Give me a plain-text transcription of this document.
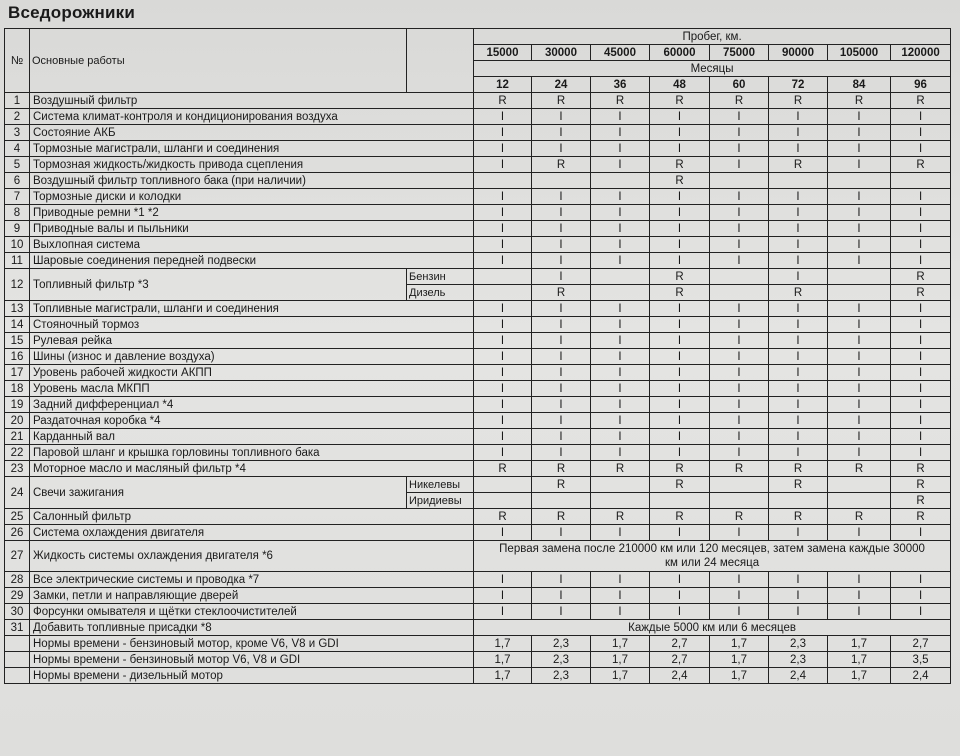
Вседорожники
№	Основные работы		Пробег, км.							
			15000	30000	45000	60000	75000	90000	105000	120000
			Месяцы							
			12	24	36	48	60	72	84	96
1	Воздушный фильтр		R	R	R	R	R	R	R	R
2	Система климат-контроля и кондиционирования воздуха		I	I	I	I	I	I	I	I
3	Состояние АКБ		I	I	I	I	I	I	I	I
4	Тормозные магистрали, шланги и соединения		I	I	I	I	I	I	I	I
5	Тормозная жидкость/жидкость привода сцепления		I	R	I	R	I	R	I	R
6	Воздушный фильтр топливного бака (при наличии)					R				
7	Тормозные диски и колодки		I	I	I	I	I	I	I	I
8	Приводные ремни *1 *2		I	I	I	I	I	I	I	I
9	Приводные валы и пыльники		I	I	I	I	I	I	I	I
10	Выхлопная система		I	I	I	I	I	I	I	I
11	Шаровые соединения передней подвески		I	I	I	I	I	I	I	I
12	Топливный фильтр *3	Бензин		I		R		I		R
		Дизель		R		R		R		R
13	Топливные магистрали, шланги и соединения		I	I	I	I	I	I	I	I
14	Стояночный тормоз		I	I	I	I	I	I	I	I
15	Рулевая рейка		I	I	I	I	I	I	I	I
16	Шины (износ и давление воздуха)		I	I	I	I	I	I	I	I
17	Уровень рабочей жидкости АКПП		I	I	I	I	I	I	I	I
18	Уровень масла МКПП		I	I	I	I	I	I	I	I
19	Задний дифференциал *4		I	I	I	I	I	I	I	I
20	Раздаточная коробка *4		I	I	I	I	I	I	I	I
21	Карданный вал		I	I	I	I	I	I	I	I
22	Паровой шланг и крышка горловины топливного бака		I	I	I	I	I	I	I	I
23	Моторное масло и масляный фильтр *4		R	R	R	R	R	R	R	R
24	Свечи зажигания	Никелевы		R		R		R		R
		Иридиевы								R
25	Салонный фильтр		R	R	R	R	R	R	R	R
26	Система охлаждения двигателя		I	I	I	I	I	I	I	I
27	Жидкость системы охлаждения двигателя *6		Первая замена после 210000 км или 120 месяцев, затем замена каждые 30000
км или 24 месяца							

28	Все электрические системы и проводка *7		I	I	I	I	I	I	I	I
29	Замки, петли и направляющие дверей		I	I	I	I	I	I	I	I
30	Форсунки омывателя и щётки стеклоочистителей		I	I	I	I	I	I	I	I
31	Добавить топливные присадки *8		Каждые 5000 км или 6 месяцев							

	Нормы времени - бензиновый мотор, кроме V6, V8 и GDI		1,7	2,3	1,7	2,7	1,7	2,3	1,7	2,7
	Нормы времени - бензиновый мотор V6, V8 и GDI		1,7	2,3	1,7	2,7	1,7	2,3	1,7	3,5
	Нормы времени - дизельный мотор		1,7	2,3	1,7	2,4	1,7	2,4	1,7	2,4
